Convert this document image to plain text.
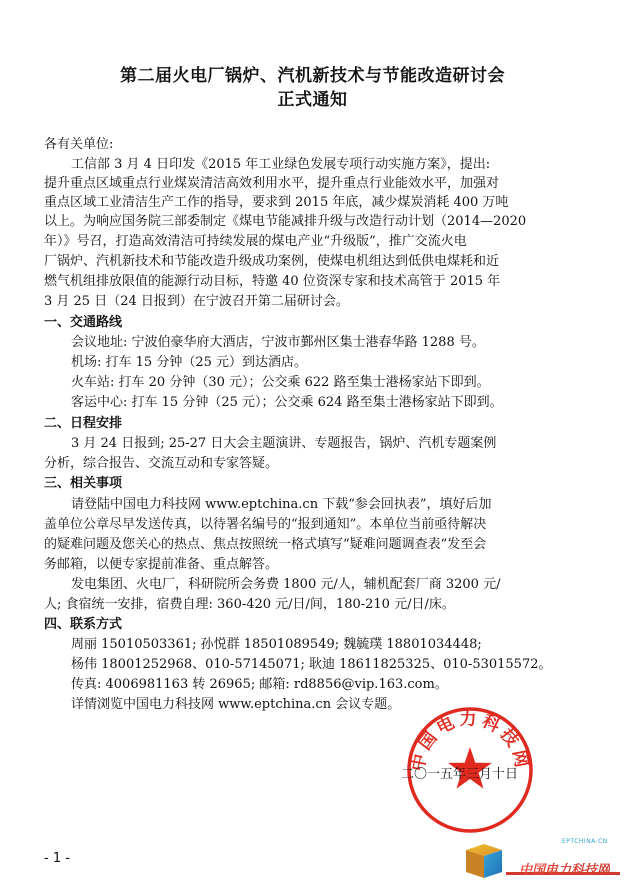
第二届火电厂锅炉、汽机新技术与节能改造研讨会
正式通知
各有关单位:
工信部 3 月 4 日印发《2015 年工业绿色发展专项行动实施方案》，提出:
提升重点区域重点行业煤炭清洁高效利用水平，提升重点行业能效水平，加强对
重点区域工业清洁生产工作的指导，要求到 2015 年底，减少煤炭消耗 400 万吨
以上。为响应国务院三部委制定《煤电节能减排升级与改造行动计划（2014—2020
年）》号召，打造高效清洁可持续发展的煤电产业“升级版”，推广交流火电
厂锅炉、汽机新技术和节能改造升级成功案例，使煤电机组达到低供电煤耗和近
燃气机组排放限值的能源行动目标，特邀 40 位资深专家和技术高管于 2015 年
3 月 25 日（24 日报到）在宁波召开第二届研讨会。
一、交通路线
会议地址: 宁波伯豪华府大酒店，宁波市鄞州区集士港春华路 1288 号。
机场: 打车 15 分钟（25 元）到达酒店。
火车站: 打车 20 分钟（30 元）；公交乘 622 路至集士港杨家站下即到。
客运中心: 打车 15 分钟（25 元）；公交乘 624 路至集士港杨家站下即到。
二、日程安排
3 月 24 日报到; 25-27 日大会主题演讲、专题报告，锅炉、汽机专题案例
分析，综合报告、交流互动和专家答疑。
三、相关事项
请登陆中国电力科技网 www.eptchina.cn 下载“参会回执表”，填好后加
盖单位公章尽早发送传真，以待署名编号的“报到通知”。本单位当前亟待解决
的疑难问题及您关心的热点、焦点按照统一格式填写“疑难问题调查表”发至会
务邮箱，以便专家提前准备、重点解答。
发电集团、火电厂，科研院所会务费 1800 元/人，辅机配套厂商 3200 元/
人; 食宿统一安排，宿费自理: 360-420 元/日/间，180-210 元/日/床。
四、联系方式
周丽 15010503361; 孙悦群 18501089549; 魏毓璞 18801034448;
杨伟 18001252968、010-57145071; 耿迪 18611825325、010-53015572。
传真: 4006981163 转 26965; 邮箱: rd8856@vip.163.com。
详情浏览中国电力科技网 www.eptchina.cn 会议专题。
中国电力科技网
二〇一五年三月十日
- 1 -
EPTCHINA.CN
中国电力科技网
